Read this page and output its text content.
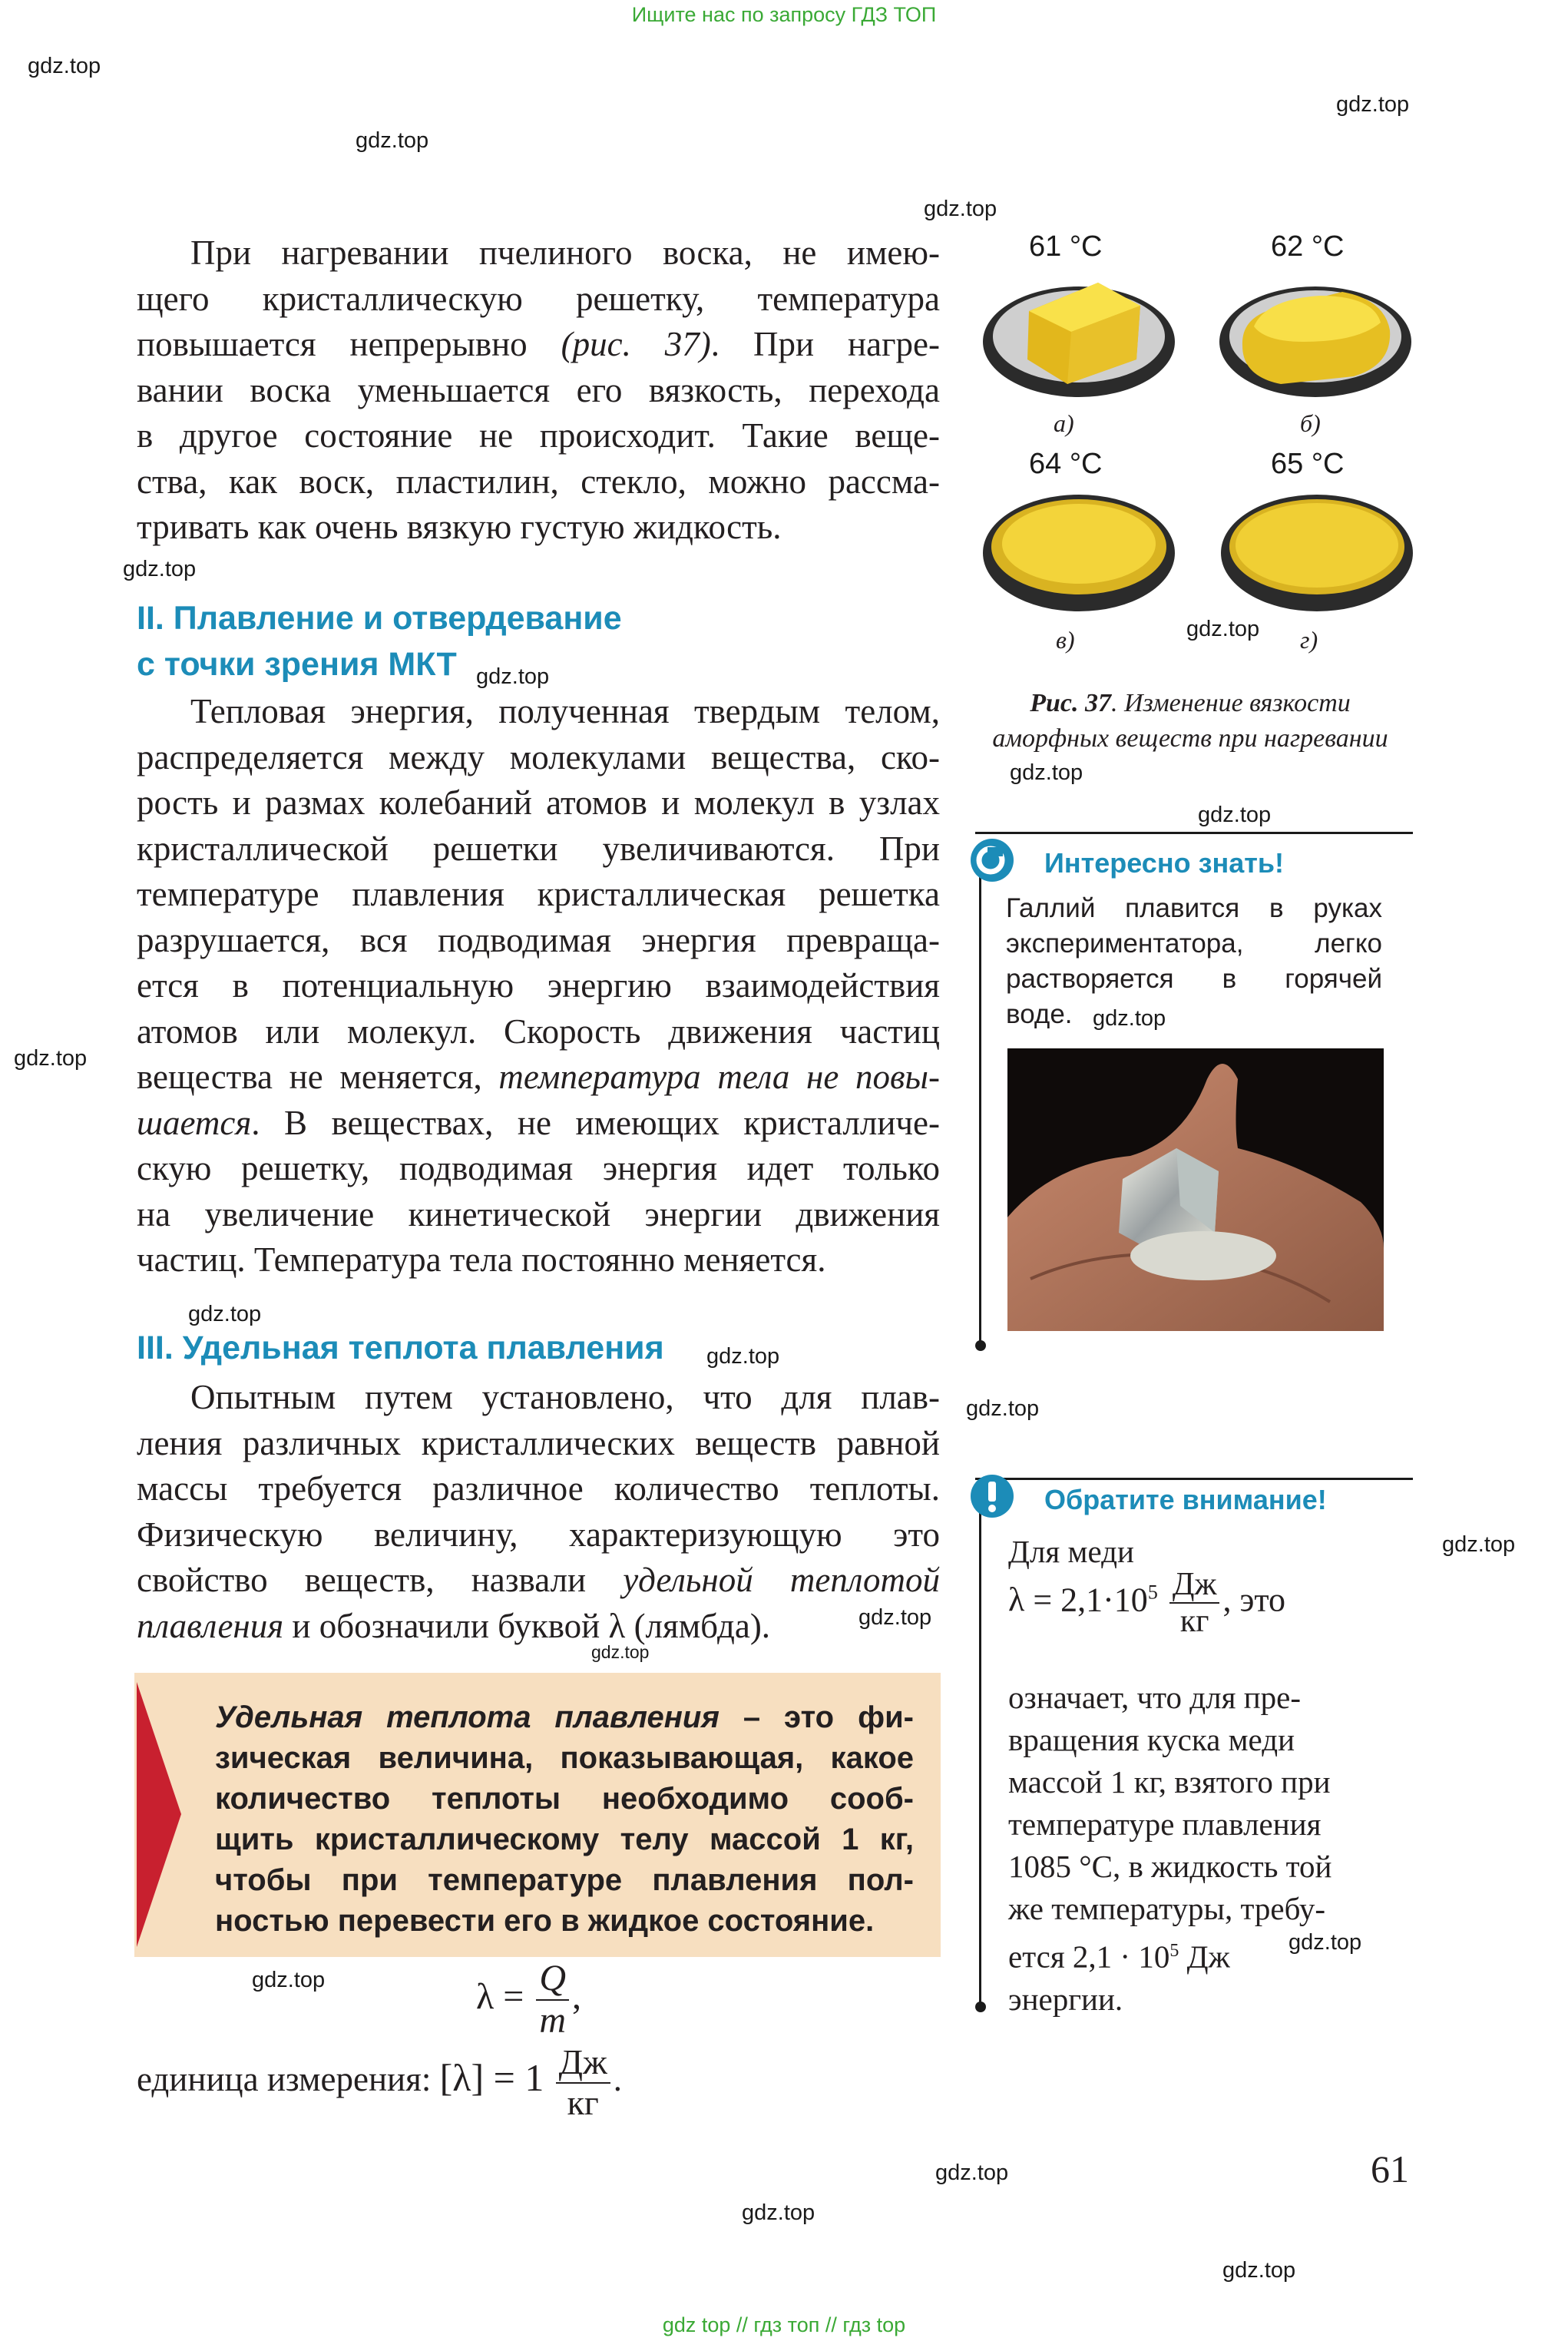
Ищите нас по запросу ГДЗ ТОП
gdz.top
gdz.top
gdz.top
gdz.top
gdz.top
gdz.top
gdz.top
gdz.top
gdz.top
gdz.top
gdz.top
gdz.top
gdz.top
gdz.top
gdz.top
gdz.top
gdz.top
gdz.top
gdz.top
gdz.top
gdz.top
При нагревании пчелиного воска, не имею-
щего кристаллическую решетку, температура
повышается непрерывно (рис. 37). При нагре-
вании воска уменьшается его вязкость, перехода
в другое состояние не происходит. Такие веще-
ства, как воск, пластилин, стекло, можно рассма-
тривать как очень вязкую густую жидкость.
II. Плавление и отвердевание
с точки зрения МКТ gdz.top
Тепловая энергия, полученная твердым телом,
распределяется между молекулами вещества, ско-
рость и размах колебаний атомов и молекул в узлах
кристаллической решетки увеличиваются. При
температуре плавления кристаллическая решетка
разрушается, вся подводимая энергия превраща-
ется в потенциальную энергию взаимодействия
атомов или молекул. Скорость движения частиц
вещества не меняется, температура тела не повы-
шается. В веществах, не имеющих кристалличе-
скую решетку, подводимая энергия идет только
на увеличение кинетической энергии движения
частиц. Температура тела постоянно меняется.
III. Удельная теплота плавления
Опытным путем установлено, что для плав-
ления различных кристаллических веществ равной
массы требуется различное количество теплоты.
Физическую величину, характеризующую это
свойство веществ, назвали удельной теплотой
плавления и обозначили буквой λ (лямбда).
Удельная теплота плавления – это фи-
зическая величина, показывающая, какое
количество теплоты необходимо сооб-
щить кристаллическому телу массой 1 кг,
чтобы при температуре плавления пол-
ностью перевести его в жидкое состояние.
$\lambda = \frac{Q}{m}$ ,
единица измерения: $[\lambda] = 1 \frac{Дж}{кг}$ .
61 °С	62 °С
64 °С	65 °С
а)	б)
в)	г)
Рис. 37. Изменение вязкости аморфных веществ при нагревании
Интересно знать!
Галлий плавится в руках
экспериментатора, легко
растворяется в горячей
воде.
Обратите внимание!
Для меди
$\lambda = 2,1\cdot 10^5 \frac{Дж}{кг}$ , это
означает, что для пре-
вращения куска меди
массой 1 кг, взятого при
температуре плавления
1085 °С, в жидкость той
же температуры, требу-
ется $2,1 \cdot 10^5$ Дж
энергии.
61
gdz top // гдз топ // гдз top
